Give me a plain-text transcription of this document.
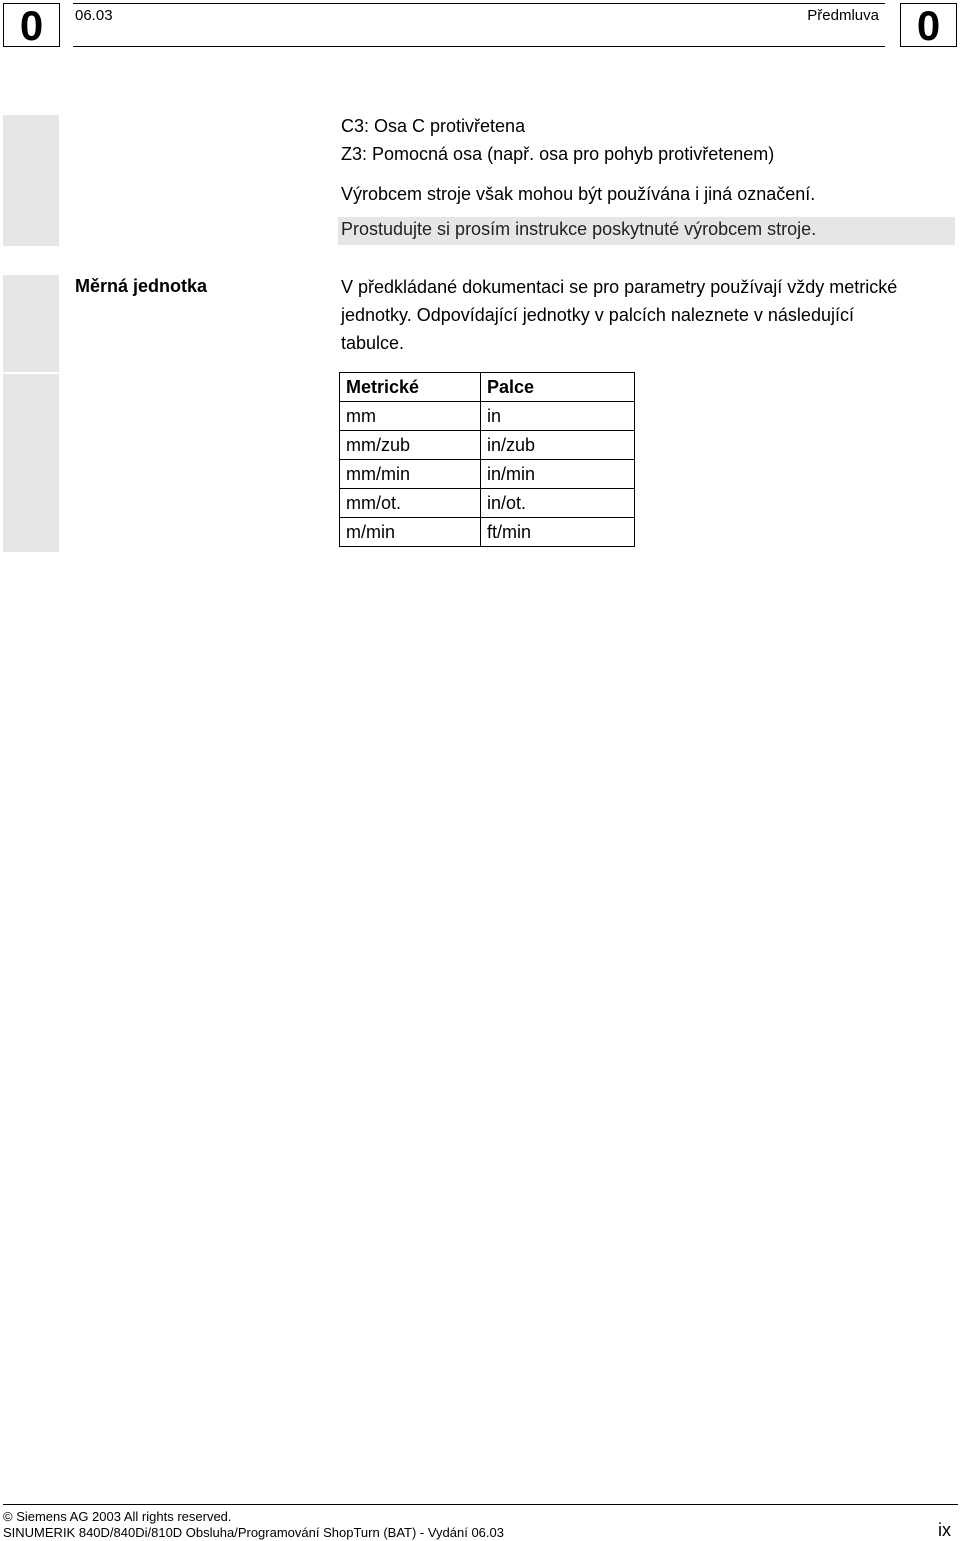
0	06.03	Předmluva 0
C3: Osa C protivřetena
Z3: Pomocná osa (např. osa pro pohyb protivřetenem)
Výrobcem stroje však mohou být používána i jiná označení.
Prostudujte si prosím instrukce poskytnuté výrobcem stroje.
Měrná jednotka	V předkládané dokumentaci se pro parametry používají vždy metrické
jednotky. Odpovídající jednotky v palcích naleznete v následující
tabulce.
Metrické	Palce
mm	in
mm/zub	in/zub
mm/min	in/min
mm/ot.	in/ot.
m/min	ft/min
© Siemens AG 2003 All rights reserved.
SINUMERIK 840D/840Di/810D Obsluha/Programování ShopTurn (BAT) - Vydání 06.03	ix
